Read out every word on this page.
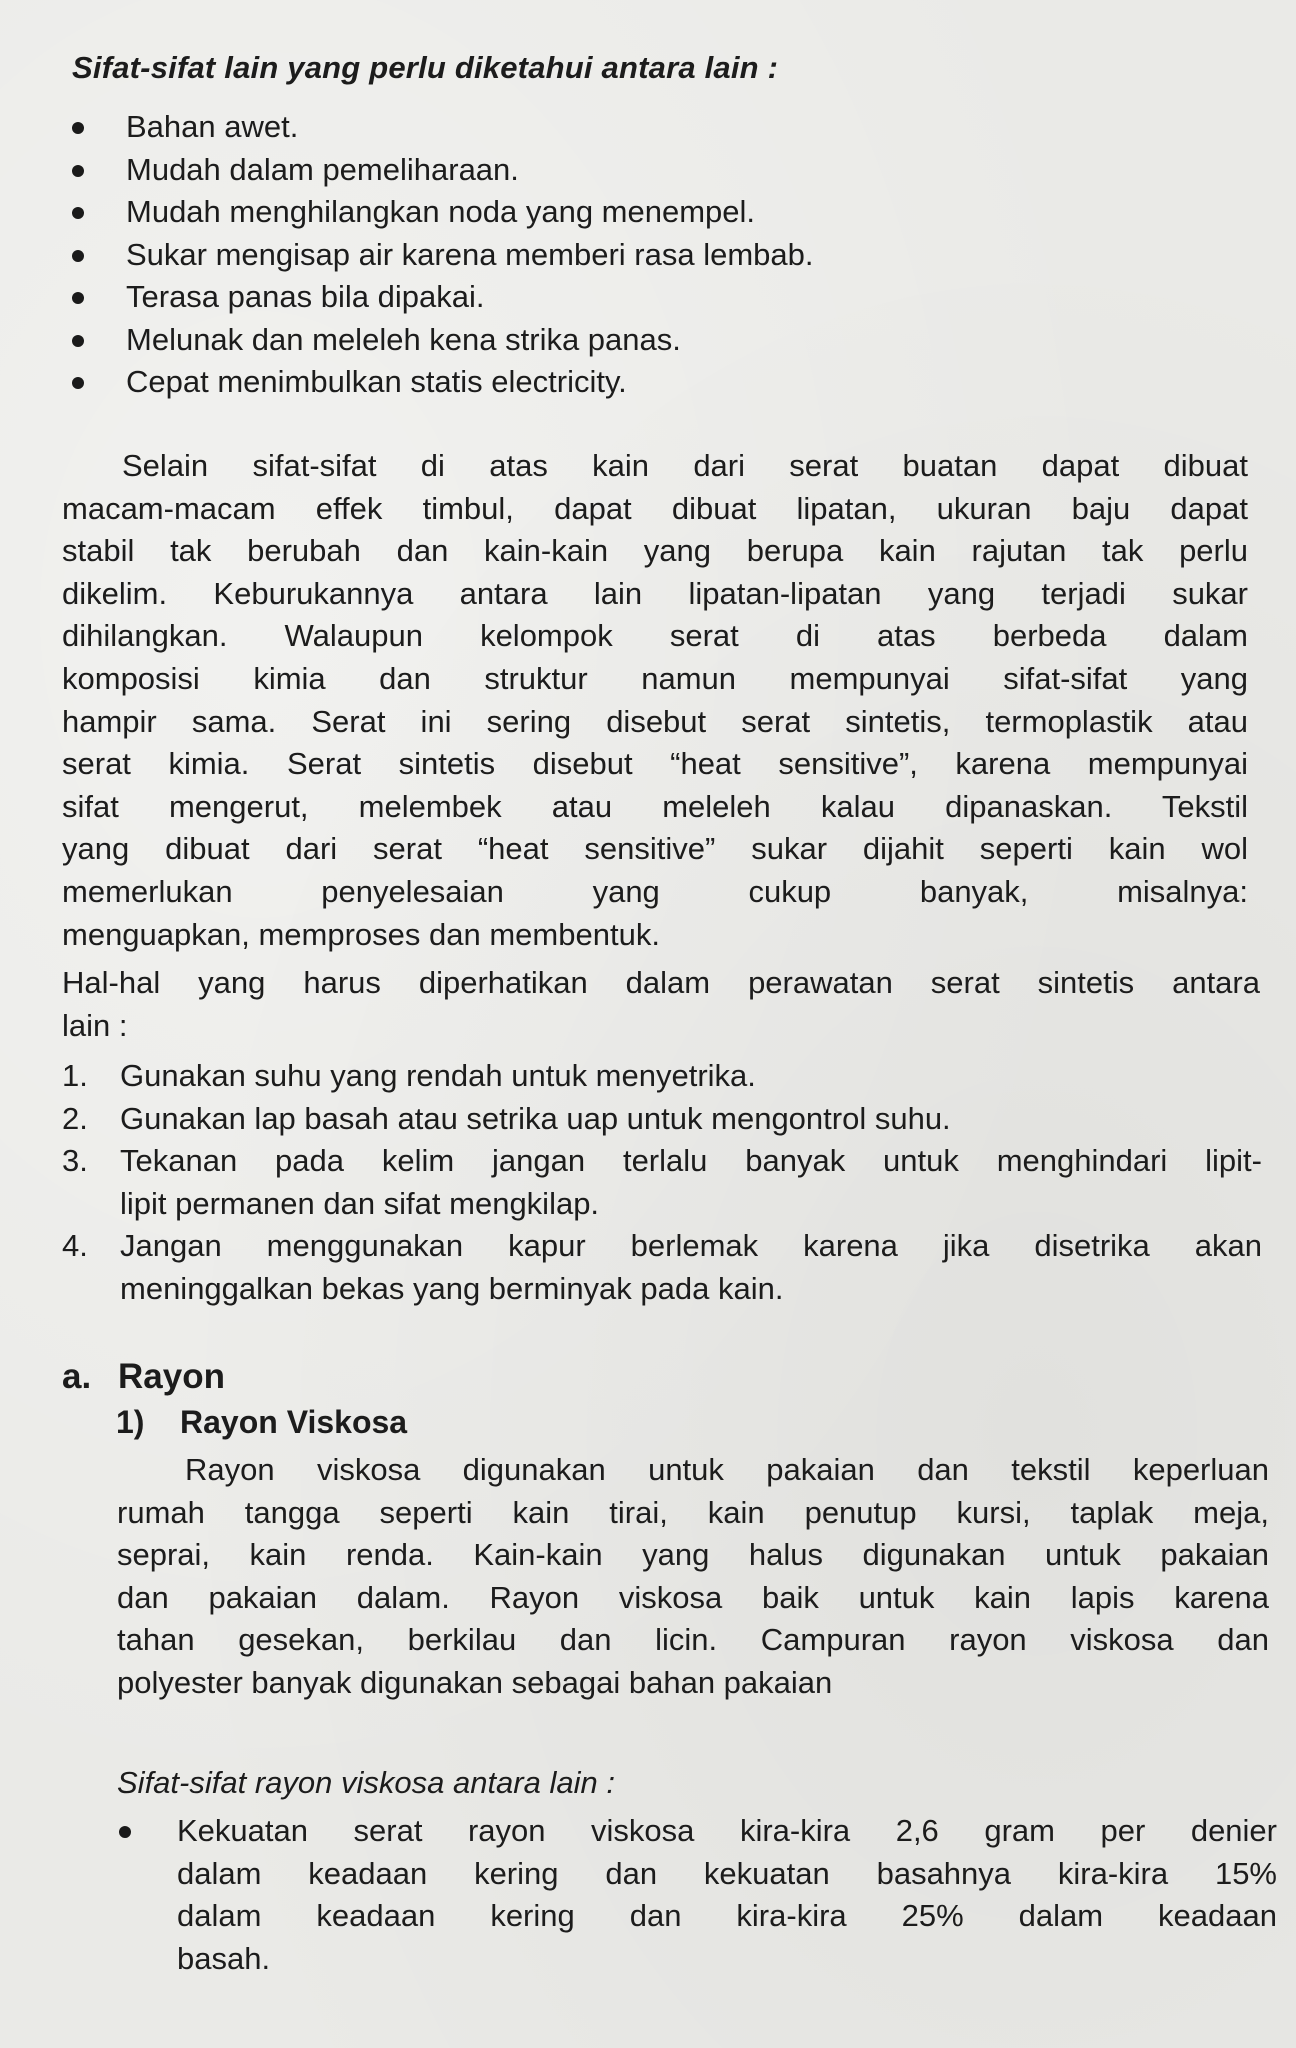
Sifat-sifat lain yang perlu diketahui antara lain :
Bahan awet.
Mudah dalam pemeliharaan.
Mudah menghilangkan noda yang menempel.
Sukar mengisap air karena memberi rasa lembab.
Terasa panas bila dipakai.
Melunak dan meleleh kena strika panas.
Cepat menimbulkan statis electricity.
Selain sifat-sifat di atas kain dari serat buatan dapat dibuat
macam-macam effek timbul, dapat dibuat lipatan, ukuran baju dapat
stabil tak berubah dan kain-kain yang berupa kain rajutan tak perlu
dikelim. Keburukannya antara lain lipatan-lipatan yang terjadi sukar
dihilangkan. Walaupun kelompok serat di atas berbeda dalam
komposisi kimia dan struktur namun mempunyai sifat-sifat yang
hampir sama. Serat ini sering disebut serat sintetis, termoplastik atau
serat kimia. Serat sintetis disebut “heat sensitive”, karena mempunyai
sifat mengerut, melembek atau meleleh kalau dipanaskan. Tekstil
yang dibuat dari serat “heat sensitive” sukar dijahit seperti kain wol
memerlukan penyelesaian yang cukup banyak, misalnya:
menguapkan, memproses dan membentuk.
Hal-hal yang harus diperhatikan dalam perawatan serat sintetis antara
lain :
1. Gunakan suhu yang rendah untuk menyetrika.
2. Gunakan lap basah atau setrika uap untuk mengontrol suhu.
3. Tekanan pada kelim jangan terlalu banyak untuk menghindari lipit-
lipit permanen dan sifat mengkilap.
4. Jangan menggunakan kapur berlemak karena jika disetrika akan
meninggalkan bekas yang berminyak pada kain.
a. Rayon
1) Rayon Viskosa
Rayon viskosa digunakan untuk pakaian dan tekstil keperluan
rumah tangga seperti kain tirai, kain penutup kursi, taplak meja,
seprai, kain renda. Kain-kain yang halus digunakan untuk pakaian
dan pakaian dalam. Rayon viskosa baik untuk kain lapis karena
tahan gesekan, berkilau dan licin. Campuran rayon viskosa dan
polyester banyak digunakan sebagai bahan pakaian
Sifat-sifat rayon viskosa antara lain :
Kekuatan serat rayon viskosa kira-kira 2,6 gram per denier
dalam keadaan kering dan kekuatan basahnya kira-kira 15%
dalam keadaan kering dan kira-kira 25% dalam keadaan
basah.
